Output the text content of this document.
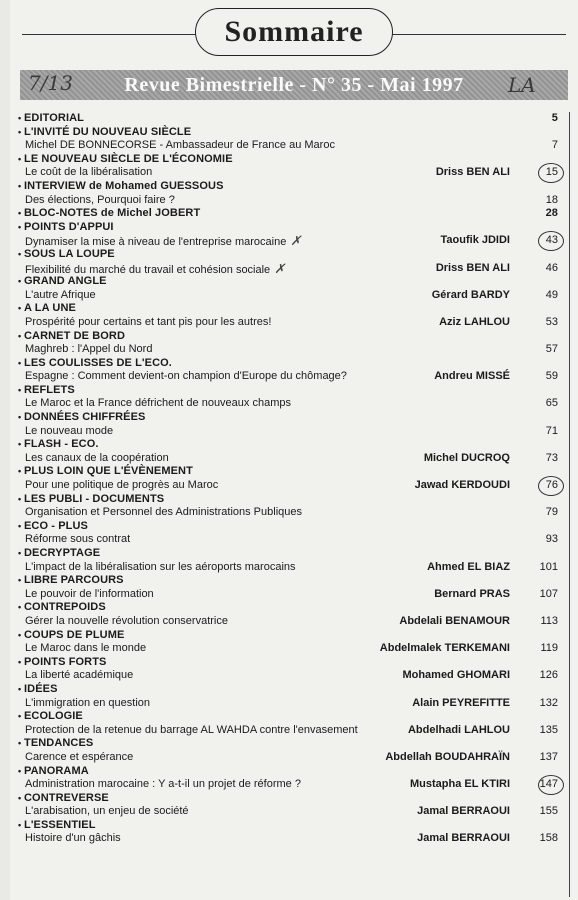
Sommaire
Revue Bimestrielle - N° 35 - Mai 1997
7/13	LA
• EDITORIAL	5
• L'INVITÉ DU NOUVEAU SIÈCLE
Michel DE BONNECORSE - Ambassadeur de France au Maroc	7
• LE NOUVEAU SIÈCLE DE L'ÉCONOMIE
Le coût de la libéralisation	Driss BEN ALI	15
• INTERVIEW de Mohamed GUESSOUS
Des élections, Pourquoi faire ?	18
• BLOC-NOTES de Michel JOBERT	28
• POINTS D'APPUI
Dynamiser la mise à niveau de l'entreprise marocaine ✗	Taoufik JDIDI	43
• SOUS LA LOUPE
Flexibilité du marché du travail et cohésion sociale ✗	Driss BEN ALI	46
• GRAND ANGLE
L'autre Afrique	Gérard BARDY	49
• A LA UNE
Prospérité pour certains et tant pis pour les autres!	Aziz LAHLOU	53
• CARNET DE BORD
Maghreb : l'Appel du Nord	57
• LES COULISSES DE L'ECO.
Espagne : Comment devient-on champion d'Europe du chômage?	Andreu MISSÉ	59
• REFLETS
Le Maroc et la France défrichent de nouveaux champs	65
• DONNÉES CHIFFRÉES
Le nouveau mode	71
• FLASH - ECO.
Les canaux de la coopération	Michel DUCROQ	73
• PLUS LOIN QUE L'ÉVÈNEMENT
Pour une politique de progrès au Maroc	Jawad KERDOUDI	76
• LES PUBLI - DOCUMENTS
Organisation et Personnel des Administrations Publiques	79
• ECO - PLUS
Réforme sous contrat	93
• DECRYPTAGE
L'impact de la libéralisation sur les aéroports marocains	Ahmed EL BIAZ	101
• LIBRE PARCOURS
Le pouvoir de l'information	Bernard PRAS	107
• CONTREPOIDS
Gérer la nouvelle révolution conservatrice	Abdelali BENAMOUR	113
• COUPS DE PLUME
Le Maroc dans le monde	Abdelmalek TERKEMANI	119
• POINTS FORTS
La liberté académique	Mohamed GHOMARI	126
• IDÉES
L'immigration en question	Alain PEYREFITTE	132
• ECOLOGIE
Protection de la retenue du barrage AL WAHDA contre l'envasement	Abdelhadi LAHLOU	135
• TENDANCES
Carence et espérance	Abdellah BOUDAHRAÏN	137
• PANORAMA
Administration marocaine : Y a-t-il un projet de réforme ?	Mustapha EL KTIRI	147
• CONTREVERSE
L'arabisation, un enjeu de société	Jamal BERRAOUI	155
• L'ESSENTIEL
Histoire d'un gâchis	Jamal BERRAOUI	158
